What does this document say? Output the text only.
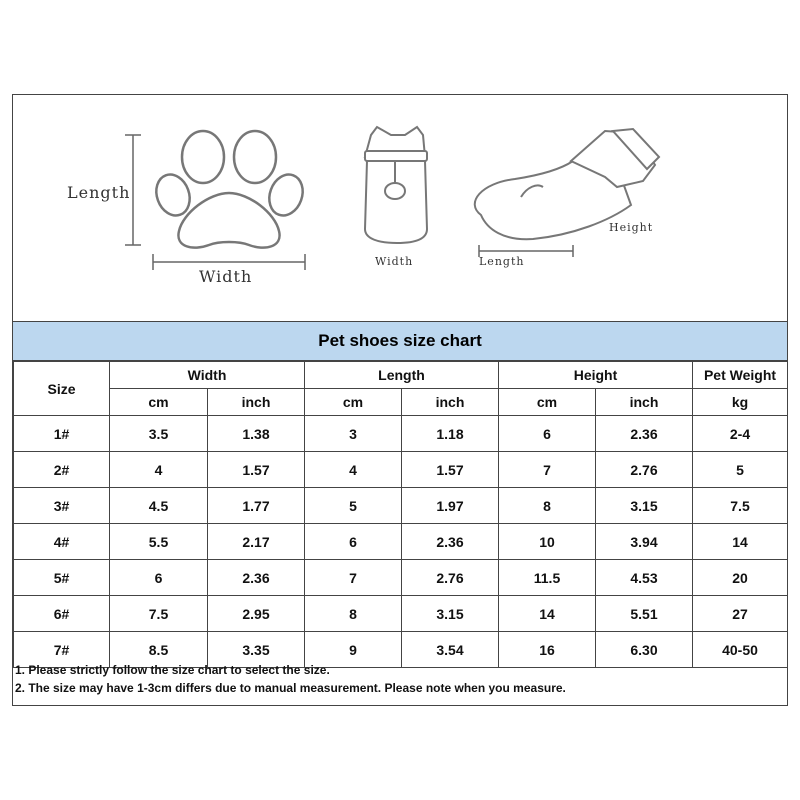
Length
Width
Width	Length
Height
Pet shoes size chart
Size	Width		Length		Height		Pet Weight
	cm	inch	cm	inch	cm	inch	kg
1#	3.5	1.38	3	1.18	6	2.36	2-4
2#	4	1.57	4	1.57	7	2.76	5
3#	4.5	1.77	5	1.97	8	3.15	7.5
4#	5.5	2.17	6	2.36	10	3.94	14
5#	6	2.36	7	2.76	11.5	4.53	20
6#	7.5	2.95	8	3.15	14	5.51	27
7#	8.5	3.35	9	3.54	16	6.30	40-50
1. Please strictly follow the size chart to select the size.
2. The size may have 1-3cm differs due to manual measurement. Please note when you measure.
